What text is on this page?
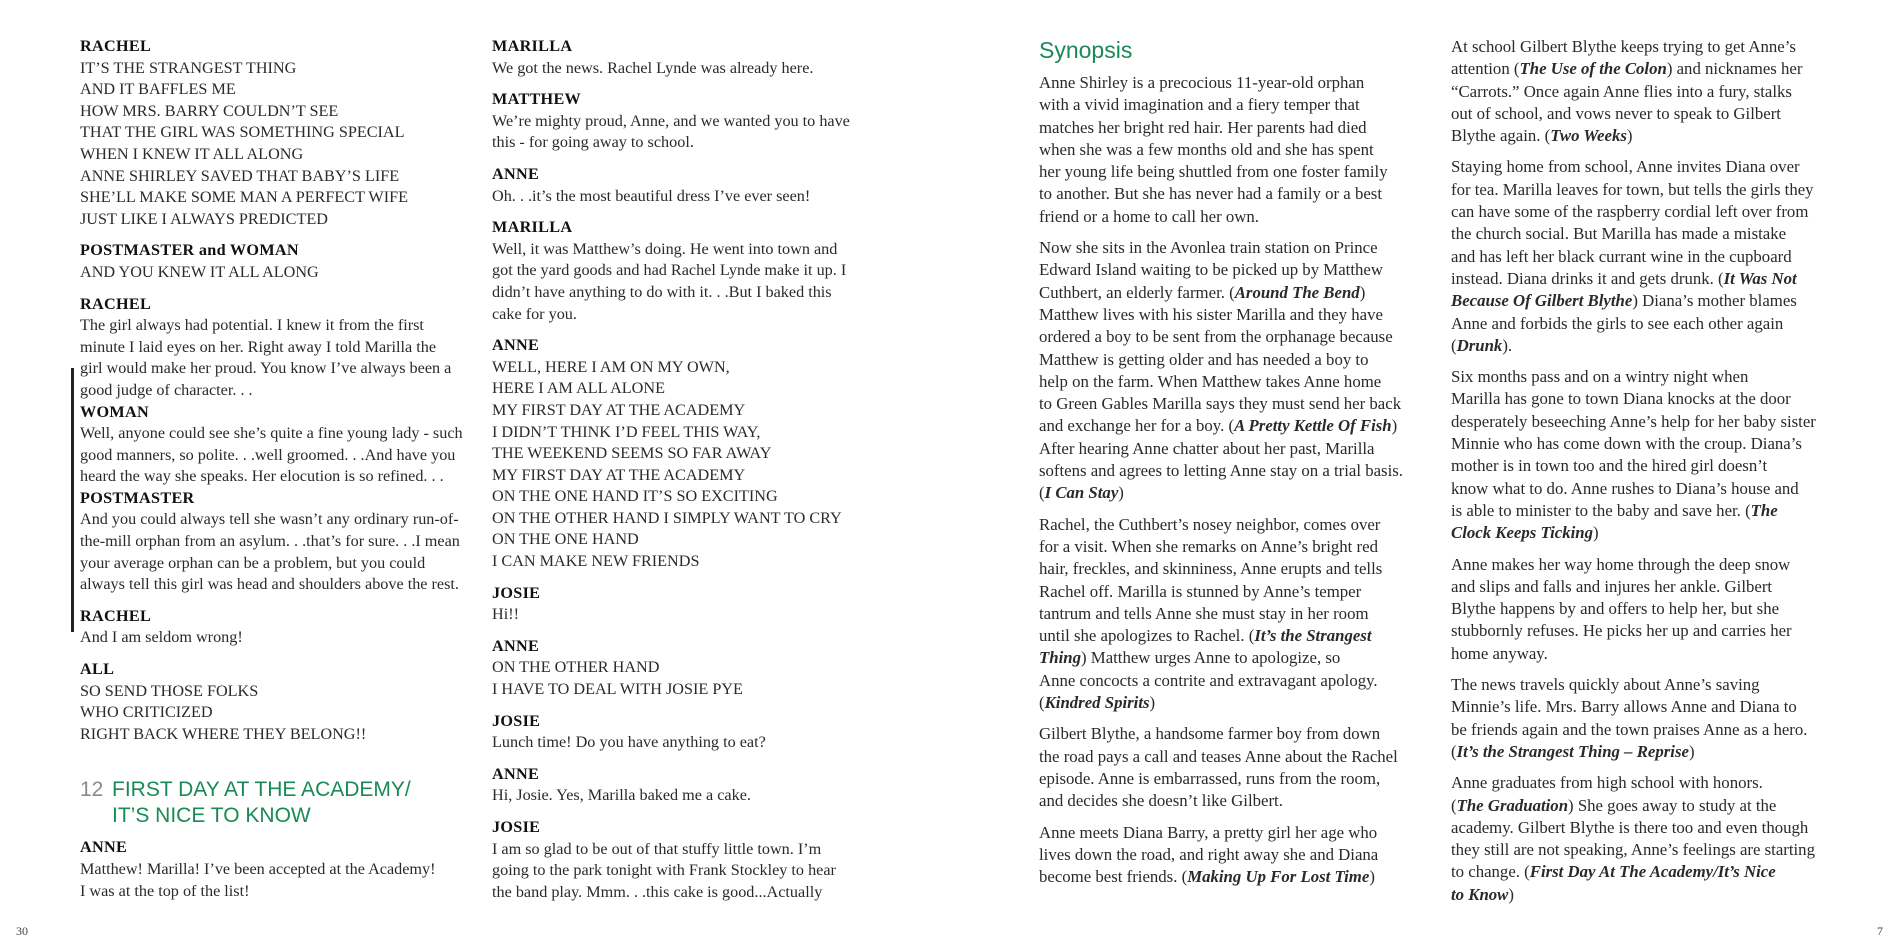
RACHEL
IT’S THE STRANGEST THING
AND IT BAFFLES ME
HOW MRS. BARRY COULDN’T SEE
THAT THE GIRL WAS SOMETHING SPECIAL
WHEN I KNEW IT ALL ALONG
ANNE SHIRLEY SAVED THAT BABY’S LIFE
SHE’LL MAKE SOME MAN A PERFECT WIFE
JUST LIKE I ALWAYS PREDICTED
POSTMASTER and WOMAN
AND YOU KNEW IT ALL ALONG
RACHEL
The girl always had potential. I knew it from the first
minute I laid eyes on her. Right away I told Marilla the
girl would make her proud. You know I’ve always been a
good judge of character. . .
WOMAN
Well, anyone could see she’s quite a fine young lady - such
good manners, so polite. . .well groomed. . .And have you
heard the way she speaks. Her elocution is so refined. . .
POSTMASTER
And you could always tell she wasn’t any ordinary run-of-
the-mill orphan from an asylum. . .that’s for sure. . .I mean
your average orphan can be a problem, but you could
always tell this girl was head and shoulders above the rest.
RACHEL
And I am seldom wrong!
ALL
SO SEND THOSE FOLKS
WHO CRITICIZED
RIGHT BACK WHERE THEY BELONG!!
12 FIRST DAY AT THE ACADEMY/
IT’S NICE TO KNOW
ANNE
Matthew! Marilla! I’ve been accepted at the Academy!
I was at the top of the list!
MARILLA
We got the news. Rachel Lynde was already here.
MATTHEW
We’re mighty proud, Anne, and we wanted you to have
this - for going away to school.
ANNE
Oh. . .it’s the most beautiful dress I’ve ever seen!
MARILLA
Well, it was Matthew’s doing. He went into town and
got the yard goods and had Rachel Lynde make it up. I
didn’t have anything to do with it. . .But I baked this
cake for you.
ANNE
WELL, HERE I AM ON MY OWN,
HERE I AM ALL ALONE
MY FIRST DAY AT THE ACADEMY
I DIDN’T THINK I’D FEEL THIS WAY,
THE WEEKEND SEEMS SO FAR AWAY
MY FIRST DAY AT THE ACADEMY
ON THE ONE HAND IT’S SO EXCITING
ON THE OTHER HAND I SIMPLY WANT TO CRY
ON THE ONE HAND
I CAN MAKE NEW FRIENDS
JOSIE
Hi!!
ANNE
ON THE OTHER HAND
I HAVE TO DEAL WITH JOSIE PYE
JOSIE
Lunch time! Do you have anything to eat?
ANNE
Hi, Josie. Yes, Marilla baked me a cake.
JOSIE
I am so glad to be out of that stuffy little town. I’m
going to the park tonight with Frank Stockley to hear
the band play. Mmm. . .this cake is good...Actually
Synopsis
Anne Shirley is a precocious 11-year-old orphan
with a vivid imagination and a fiery temper that
matches her bright red hair. Her parents had died
when she was a few months old and she has spent
her young life being shuttled from one foster family
to another. But she has never had a family or a best
friend or a home to call her own.
Now she sits in the Avonlea train station on Prince
Edward Island waiting to be picked up by Matthew
Cuthbert, an elderly farmer. (Around The Bend)
Matthew lives with his sister Marilla and they have
ordered a boy to be sent from the orphanage because
Matthew is getting older and has needed a boy to
help on the farm. When Matthew takes Anne home
to Green Gables Marilla says they must send her back
and exchange her for a boy. (A Pretty Kettle Of Fish)
After hearing Anne chatter about her past, Marilla
softens and agrees to letting Anne stay on a trial basis.
(I Can Stay)
Rachel, the Cuthbert’s nosey neighbor, comes over
for a visit. When she remarks on Anne’s bright red
hair, freckles, and skinniness, Anne erupts and tells
Rachel off. Marilla is stunned by Anne’s temper
tantrum and tells Anne she must stay in her room
until she apologizes to Rachel. (It’s the Strangest
Thing) Matthew urges Anne to apologize, so
Anne concocts a contrite and extravagant apology.
(Kindred Spirits)
Gilbert Blythe, a handsome farmer boy from down
the road pays a call and teases Anne about the Rachel
episode. Anne is embarrassed, runs from the room,
and decides she doesn’t like Gilbert.
Anne meets Diana Barry, a pretty girl her age who
lives down the road, and right away she and Diana
become best friends. (Making Up For Lost Time)
At school Gilbert Blythe keeps trying to get Anne’s
attention (The Use of the Colon) and nicknames her
“Carrots.” Once again Anne flies into a fury, stalks
out of school, and vows never to speak to Gilbert
Blythe again. (Two Weeks)
Staying home from school, Anne invites Diana over
for tea. Marilla leaves for town, but tells the girls they
can have some of the raspberry cordial left over from
the church social. But Marilla has made a mistake
and has left her black currant wine in the cupboard
instead. Diana drinks it and gets drunk. (It Was Not
Because Of Gilbert Blythe) Diana’s mother blames
Anne and forbids the girls to see each other again
(Drunk).
Six months pass and on a wintry night when
Marilla has gone to town Diana knocks at the door
desperately beseeching Anne’s help for her baby sister
Minnie who has come down with the croup. Diana’s
mother is in town too and the hired girl doesn’t
know what to do. Anne rushes to Diana’s house and
is able to minister to the baby and save her. (The
Clock Keeps Ticking)
Anne makes her way home through the deep snow
and slips and falls and injures her ankle. Gilbert
Blythe happens by and offers to help her, but she
stubbornly refuses. He picks her up and carries her
home anyway.
The news travels quickly about Anne’s saving
Minnie’s life. Mrs. Barry allows Anne and Diana to
be friends again and the town praises Anne as a hero.
(It’s the Strangest Thing – Reprise)
Anne graduates from high school with honors.
(The Graduation) She goes away to study at the
academy. Gilbert Blythe is there too and even though
they still are not speaking, Anne’s feelings are starting
to change. (First Day At The Academy/It’s Nice
to Know)
30	7
